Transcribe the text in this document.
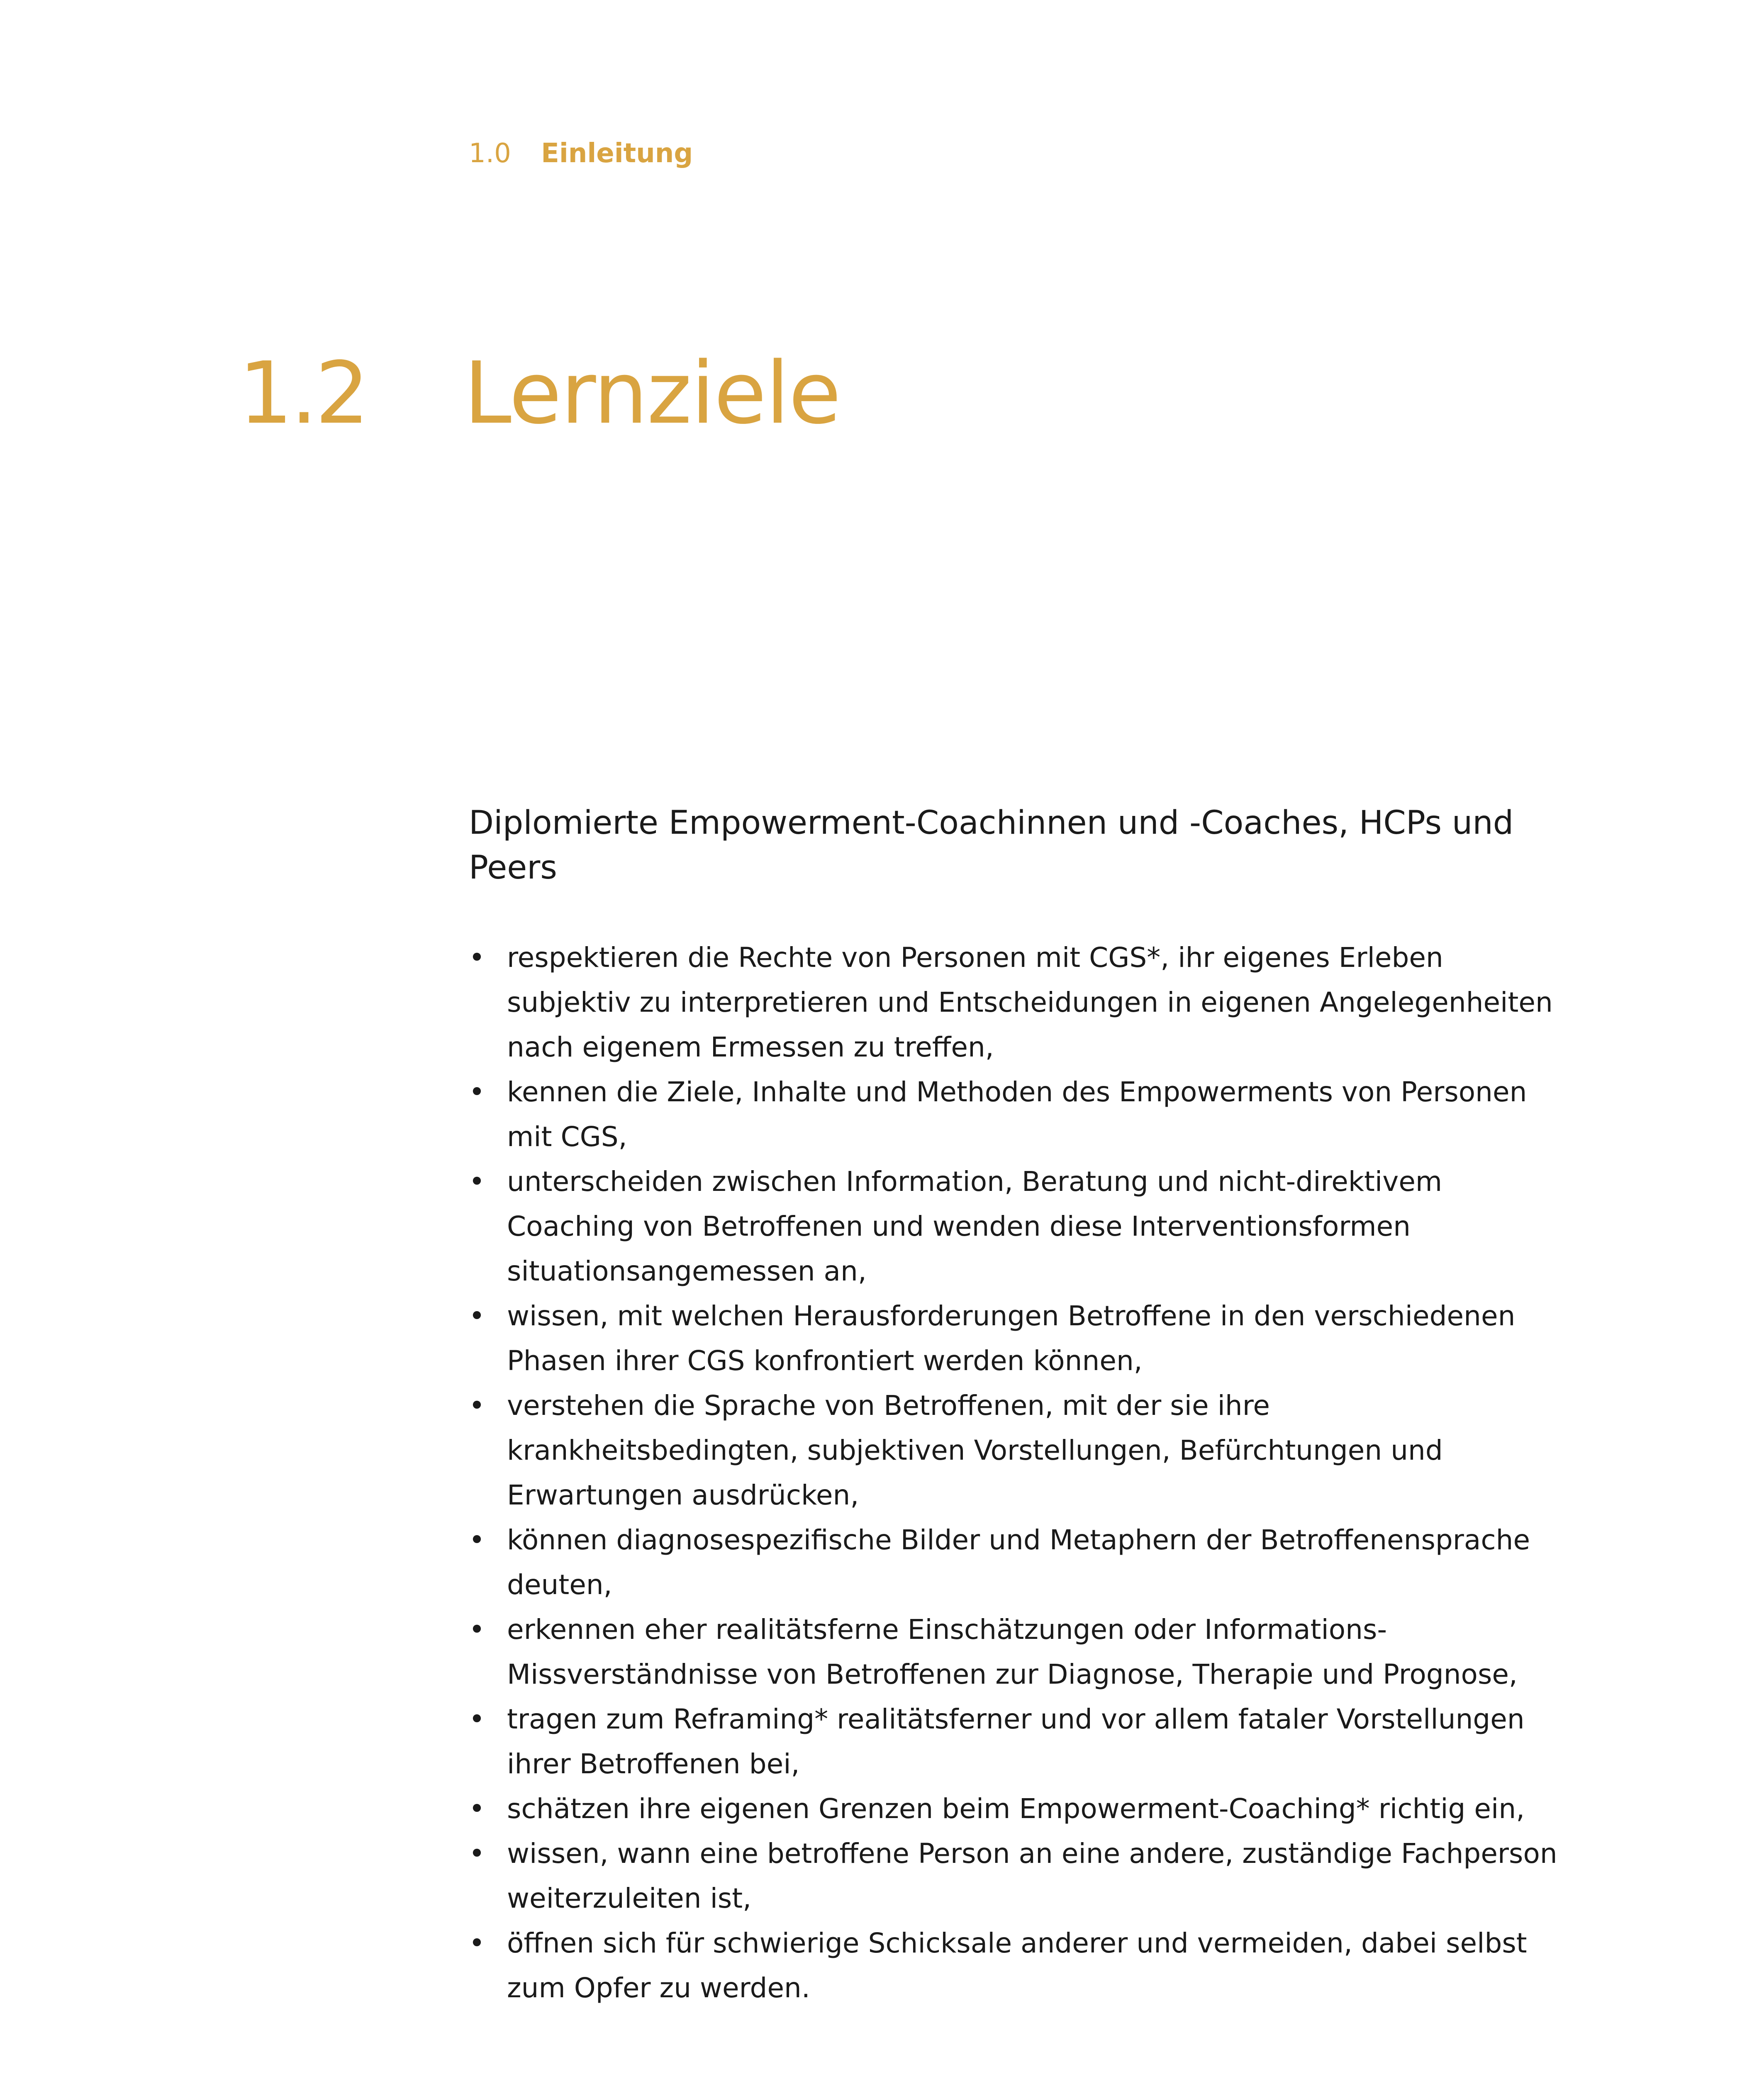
1.0 Einleitung
1.2 Lernziele
Diplomierte Empowerment-Coachinnen und -Coaches, HCPs und Peers
• respektieren die Rechte von Personen mit CGS*, ihr eigenes Erleben subjektiv zu interpretieren und Entscheidungen in eigenen Angelegenheiten nach eigenem Ermessen zu treffen,
• kennen die Ziele, Inhalte und Methoden des Empowerments von Personen mit CGS,
• unterscheiden zwischen Information, Beratung und nicht-direktivem Coaching von Betroffenen und wenden diese Interventionsformen situationsangemessen an,
• wissen, mit welchen Herausforderungen Betroffene in den verschiedenen Phasen ihrer CGS konfrontiert werden können,
• verstehen die Sprache von Betroffenen, mit der sie ihre krankheitsbedingten, subjektiven Vorstellungen, Befürchtungen und Erwartungen ausdrücken,
• können diagnosespezifische Bilder und Metaphern der Betroffenensprache deuten,
• erkennen eher realitätsferne Einschätzungen oder Informations-Missverständnisse von Betroffenen zur Diagnose, Therapie und Prognose,
• tragen zum Reframing* realitätsferner und vor allem fataler Vorstellungen ihrer Betroffenen bei,
• schätzen ihre eigenen Grenzen beim Empowerment-Coaching* richtig ein,
• wissen, wann eine betroffene Person an eine andere, zuständige Fachperson weiterzuleiten ist,
• öffnen sich für schwierige Schicksale anderer und vermeiden, dabei selbst zum Opfer zu werden.
